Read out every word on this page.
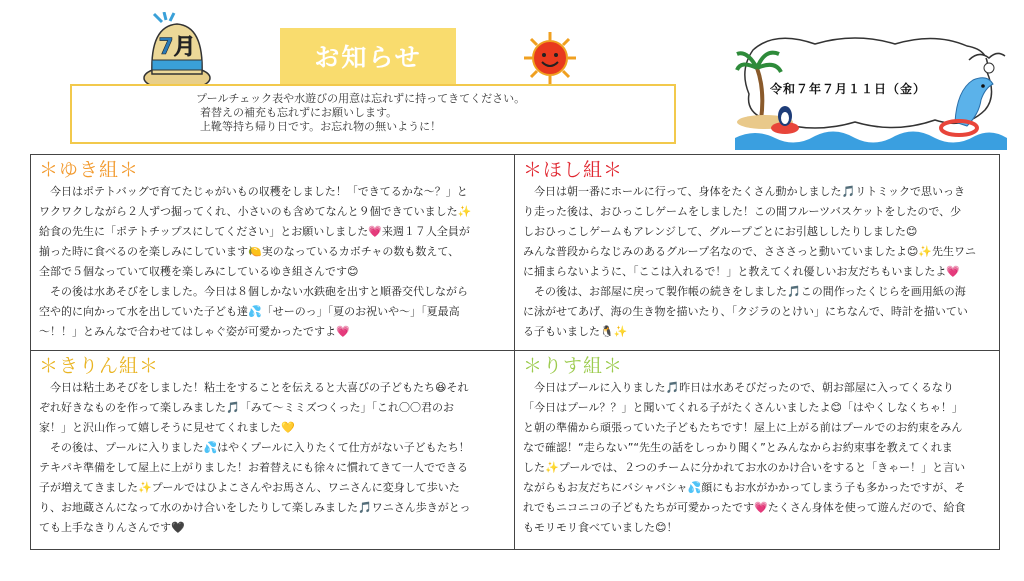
7月	お知らせ

プールチェック表や水遊びの用意は忘れずに持ってきてください。

着替えの補充も忘れずにお願いします。

上靴等持ち帰り日です。お忘れ物の無いように！

令和７年７月１１日（金）
＊ゆき組＊

　今日はポテトバッグで育てたじゃがいもの収穫をしました！「できてるかな～？」と

ワクワクしながら２人ずつ掘ってくれ、小さいのも含めてなんと９個できていました✨

給食の先生に「ポテトチップスにしてください」とお願いしました💗来週１７人全員が

揃った時に食べるのを楽しみにしています🍋実のなっているカボチャの数も数えて、

全部で５個なっていて収穫を楽しみにしているゆき組さんです😊

　その後は水あそびをしました。今日は８個しかない水鉄砲を出すと順番交代しながら

空や的に向かって水を出していた子ども達💦「せーのっ」「夏のお祝いや～」「夏最高

～！！」とみんなで合わせてはしゃぐ姿が可愛かったですよ💗

＊ほし組＊

　今日は朝一番にホールに行って、身体をたくさん動かしました🎵リトミックで思いっき

り走った後は、おひっこしゲームをしました！この間フルーツバスケットをしたので、少

しおひっこしゲームもアレンジして、グループごとにお引越ししたりしました😊

みんな普段からなじみのあるグループ名なので、さささっと動いていましたよ😊✨先生ワニ

に捕まらないように、「ここは入れるで！」と教えてくれ優しいお友だちもいましたよ💗

　その後は、お部屋に戻って製作帳の続きをしました🎵この間作ったくじらを画用紙の海

に泳がせてあげ、海の生き物を描いたり、「クジラのとけい」にちなんで、時計を描いてい

る子もいました🐧✨

＊きりん組＊

　今日は粘土あそびをしました！粘土をすることを伝えると大喜びの子どもたち😆それ

ぞれ好きなものを作って楽しみました🎵「みて～ミミズつくった」「これ〇〇君のお

家！」と沢山作って嬉しそうに見せてくれました💛

　その後は、プールに入りました💦はやくプールに入りたくて仕方がない子どもたち！

テキパキ準備をして屋上に上がりました！お着替えにも徐々に慣れてきて一人でできる

子が増えてきました✨プールではひよこさんやお馬さん、ワニさんに変身して歩いた

り、お地蔵さんになって水のかけ合いをしたりして楽しみました🎵ワニさん歩きがとっ

ても上手なきりんさんです🖤

＊りす組＊

　今日はプールに入りました🎵昨日は水あそびだったので、朝お部屋に入ってくるなり

「今日はプール？？」と聞いてくれる子がたくさんいましたよ😊「はやくしなくちゃ！」

と朝の準備から頑張っていた子どもたちです！屋上に上がる前はプールでのお約束をみん

なで確認！“走らない”“先生の話をしっかり聞く”とみんなからお約束事を教えてくれま

した✨プールでは、２つのチームに分かれてお水のかけ合いをすると「きゃー！」と言い

ながらもお友だちにバシャバシャ💦顔にもお水がかかってしまう子も多かったですが、そ

れでもニコニコの子どもたちが可愛かったです💗たくさん身体を使って遊んだので、給食

もモリモリ食べていました😊！
